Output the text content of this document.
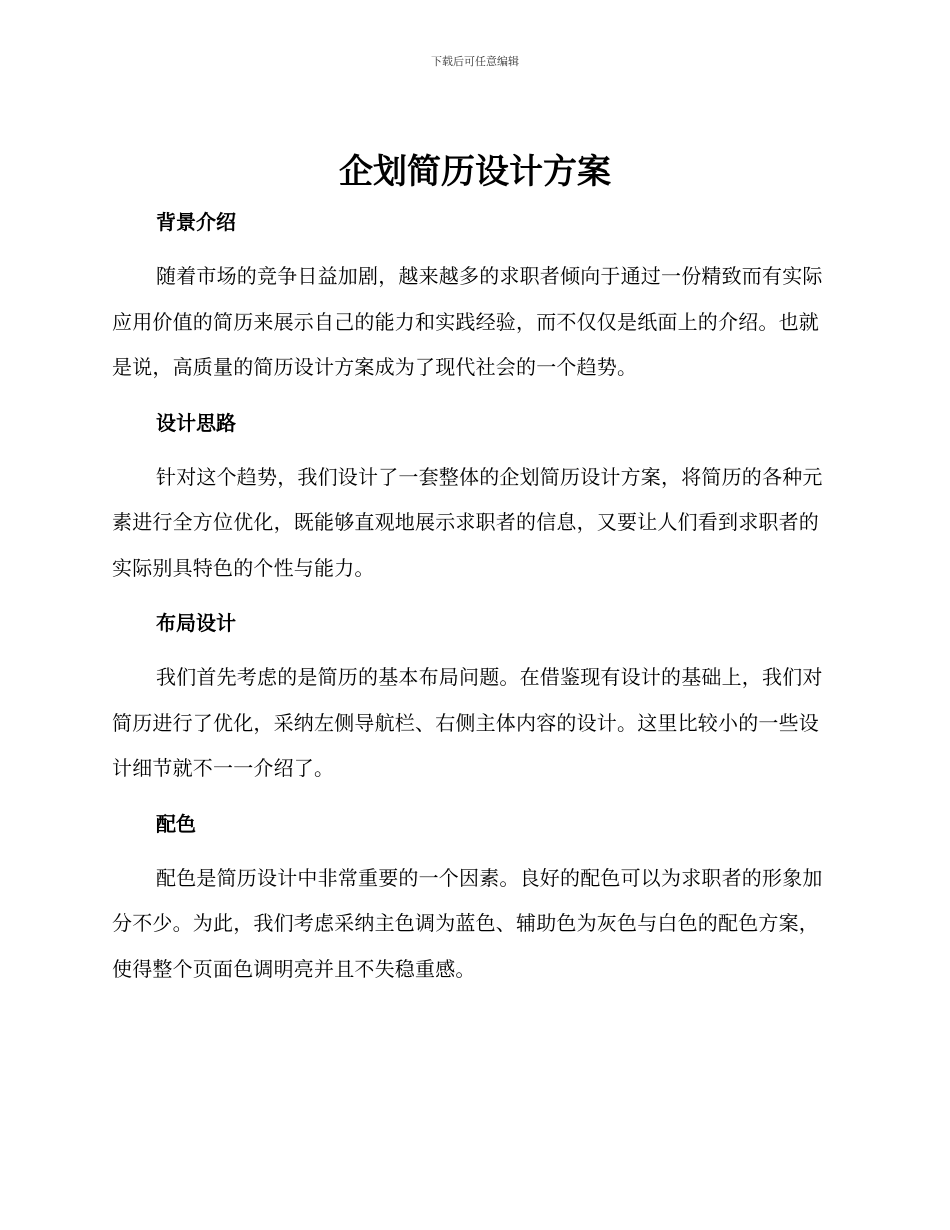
下载后可任意编辑
企划简历设计方案
背景介绍

随着市场的竞争日益加剧，越来越多的求职者倾向于通过一份精致而有实际应用价值的简历来展示自己的能力和实践经验，而不仅仅是纸面上的介绍。也就是说，高质量的简历设计方案成为了现代社会的一个趋势。

设计思路

针对这个趋势，我们设计了一套整体的企划简历设计方案，将简历的各种元素进行全方位优化，既能够直观地展示求职者的信息，又要让人们看到求职者的实际别具特色的个性与能力。

布局设计

我们首先考虑的是简历的基本布局问题。在借鉴现有设计的基础上，我们对简历进行了优化，采纳左侧导航栏、右侧主体内容的设计。这里比较小的一些设计细节就不一一介绍了。

配色

配色是简历设计中非常重要的一个因素。良好的配色可以为求职者的形象加分不少。为此，我们考虑采纳主色调为蓝色、辅助色为灰色与白色的配色方案，使得整个页面色调明亮并且不失稳重感。
